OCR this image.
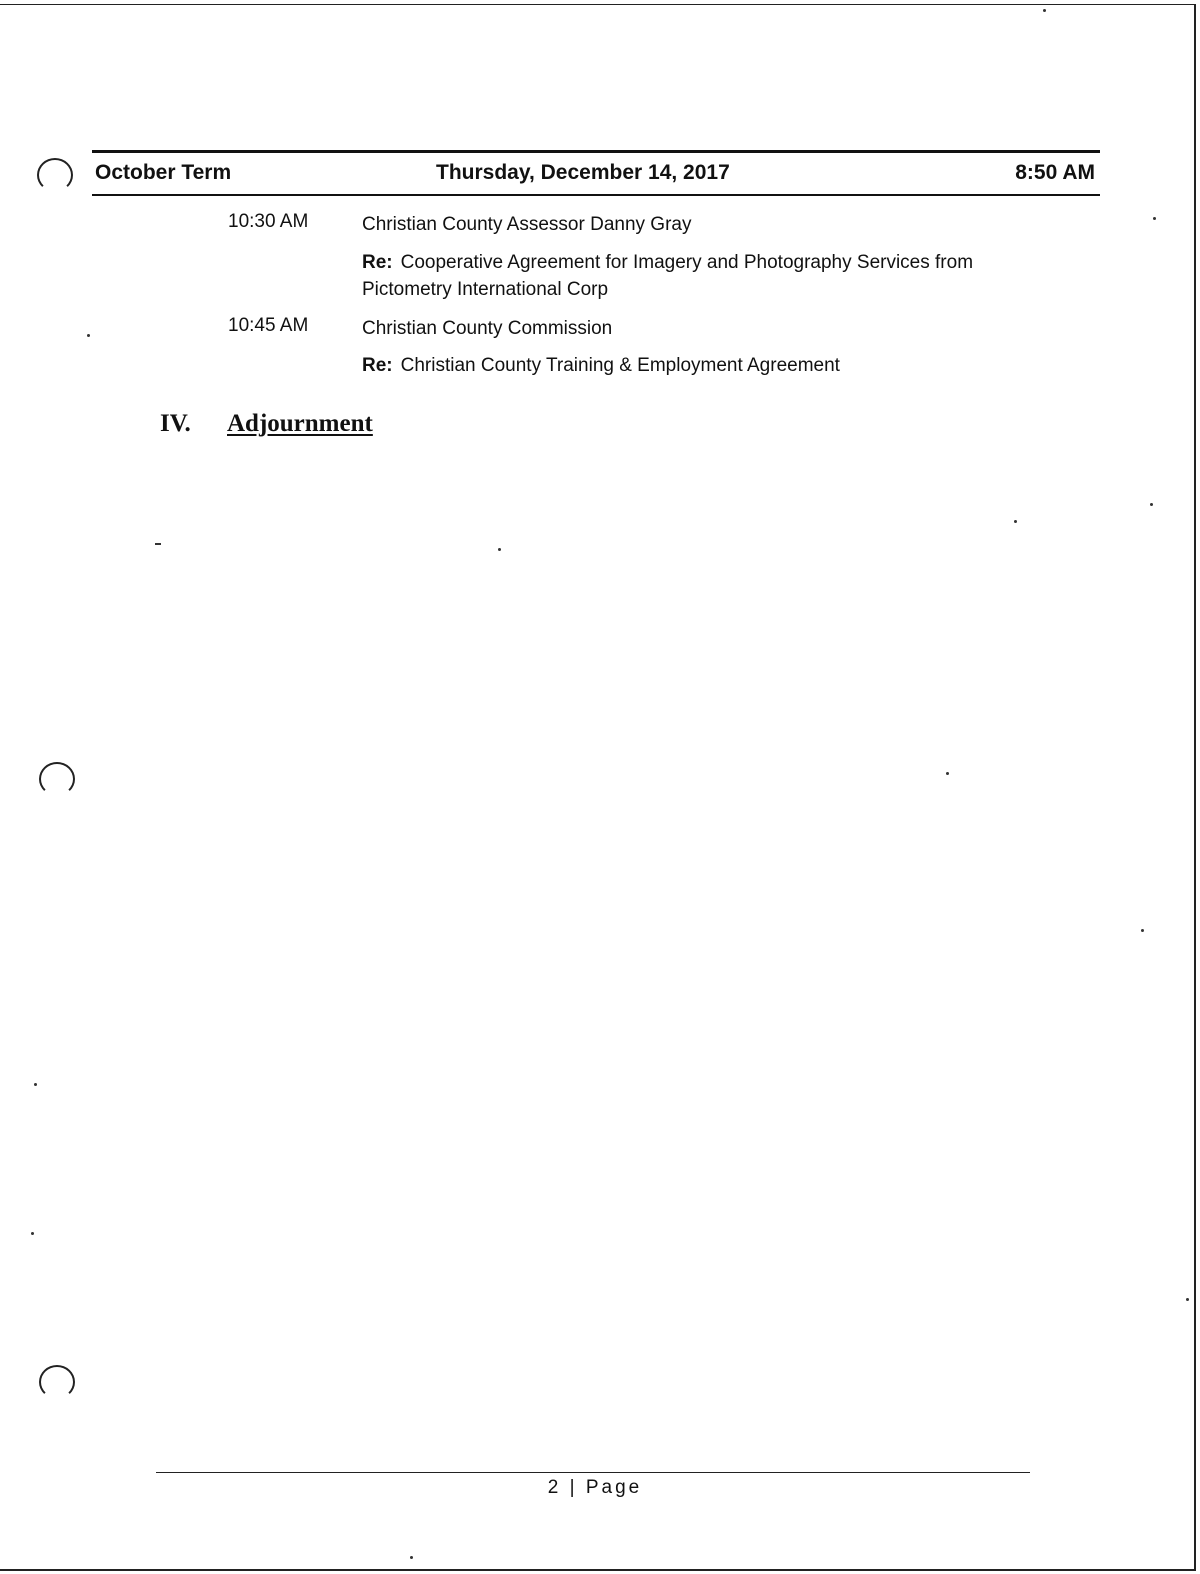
October Term	Thursday, December 14, 2017	8:50 AM
10:30 AM	Christian County Assessor Danny Gray
Re: Cooperative Agreement for Imagery and Photography Services from Pictometry International Corp
10:45 AM	Christian County Commission
Re: Christian County Training & Employment Agreement
IV. Adjournment
2 | Page
